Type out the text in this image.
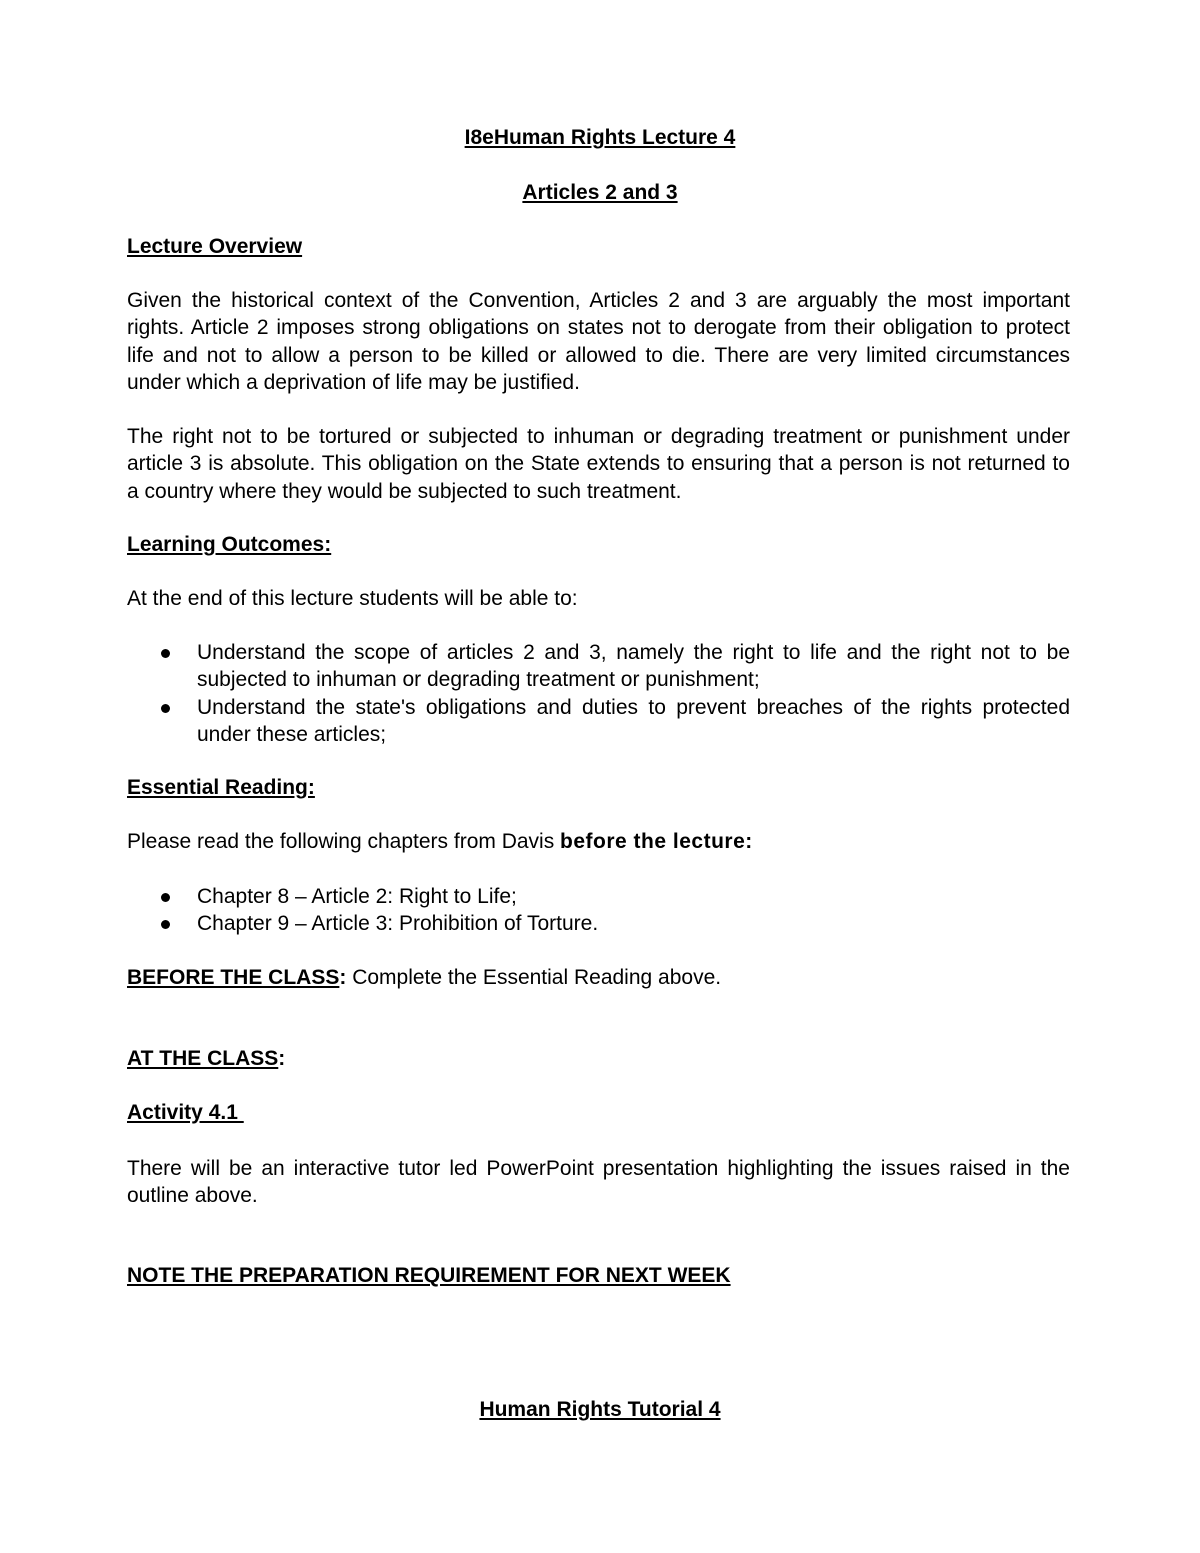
I8eHuman Rights Lecture 4

Articles 2 and 3

Lecture Overview

Given the historical context of the Convention, Articles 2 and 3 are arguably the most important rights. Article 2 imposes strong obligations on states not to derogate from their obligation to protect life and not to allow a person to be killed or allowed to die. There are very limited circumstances under which a deprivation of life may be justified.

The right not to be tortured or subjected to inhuman or degrading treatment or punishment under article 3 is absolute. This obligation on the State extends to ensuring that a person is not returned to a country where they would be subjected to such treatment.

Learning Outcomes:

At the end of this lecture students will be able to:

Understand the scope of articles 2 and 3, namely the right to life and the right not to be subjected to inhuman or degrading treatment or punishment;
Understand the state's obligations and duties to prevent breaches of the rights protected under these articles;

Essential Reading:

Please read the following chapters from Davis before the lecture:

Chapter 8 – Article 2: Right to Life;
Chapter 9 – Article 3: Prohibition of Torture.

BEFORE THE CLASS: Complete the Essential Reading above.

AT THE CLASS:

Activity 4.1

There will be an interactive tutor led PowerPoint presentation highlighting the issues raised in the outline above.

NOTE THE PREPARATION REQUIREMENT FOR NEXT WEEK

Human Rights Tutorial 4
